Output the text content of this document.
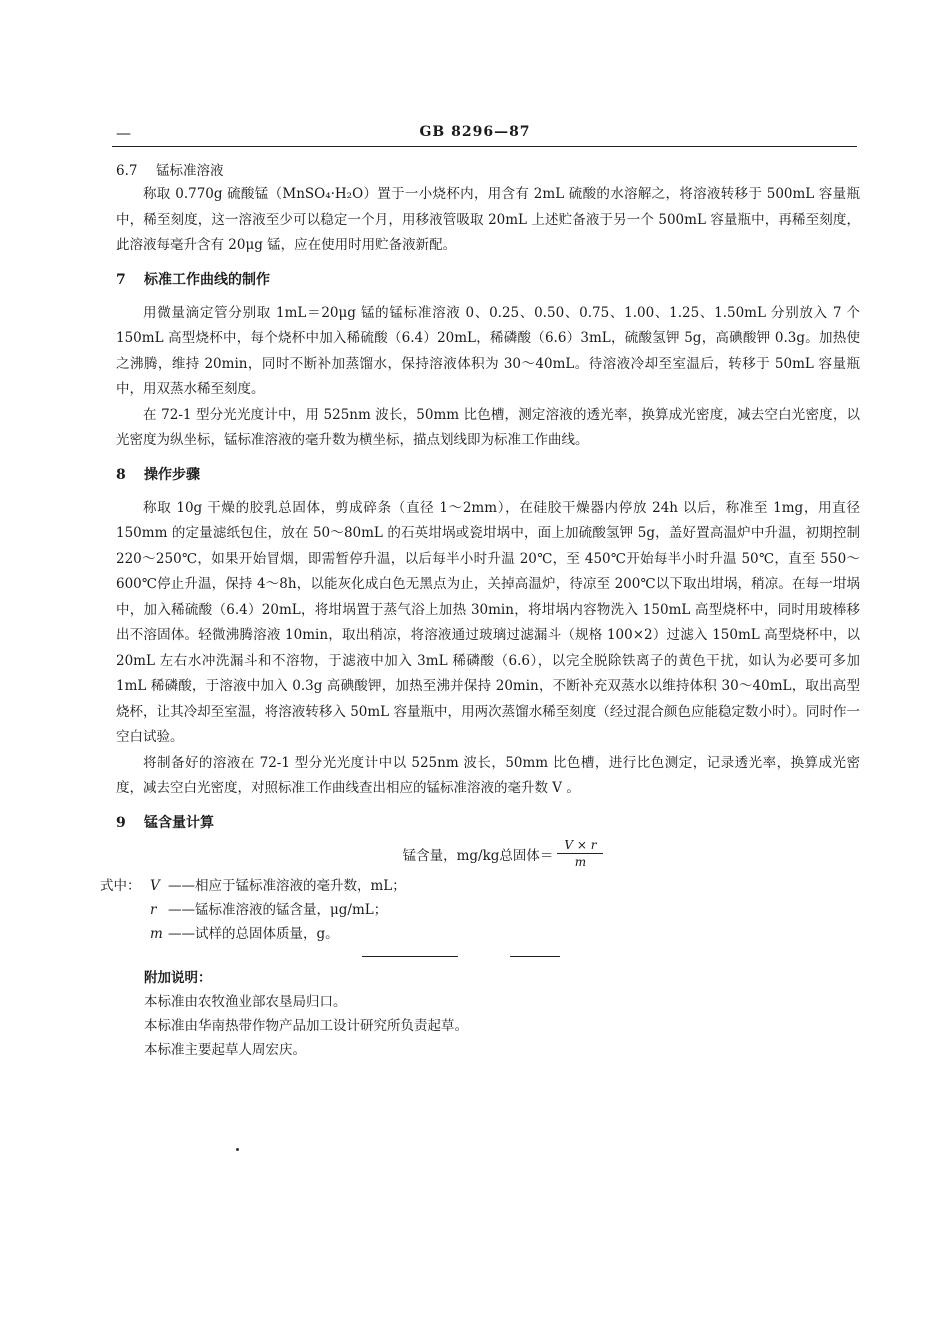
—	GB 8296—87
6.7 锰标准溶液

称取 0.770g 硫酸锰（MnSO₄·H₂O）置于一小烧杯内，用含有 2mL 硫酸的水溶解之，将溶液转移于 500mL 容量瓶中，稀至刻度，这一溶液至少可以稳定一个月，用移液管吸取 20mL 上述贮备液于另一个 500mL 容量瓶中，再稀至刻度，此溶液每毫升含有 20μg 锰，应在使用时用贮备液新配。

7 标准工作曲线的制作

用微量滴定管分别取 1mL＝20μg 锰的锰标准溶液 0、0.25、0.50、0.75、1.00、1.25、1.50mL 分别放入 7 个 150mL 高型烧杯中，每个烧杯中加入稀硫酸（6.4）20mL，稀磷酸（6.6）3mL，硫酸氢钾 5g，高碘酸钾 0.3g。加热使之沸腾，维持 20min，同时不断补加蒸馏水，保持溶液体积为 30～40mL。待溶液冷却至室温后，转移于 50mL 容量瓶中，用双蒸水稀至刻度。

在 72-1 型分光光度计中，用 525nm 波长，50mm 比色槽，测定溶液的透光率，换算成光密度，减去空白光密度，以光密度为纵坐标，锰标准溶液的毫升数为横坐标，描点划线即为标准工作曲线。

8 操作步骤

称取 10g 干燥的胶乳总固体，剪成碎条（直径 1～2mm），在硅胶干燥器内停放 24h 以后，称准至 1mg，用直径 150mm 的定量滤纸包住，放在 50～80mL 的石英坩埚或瓷坩埚中，面上加硫酸氢钾 5g，盖好置高温炉中升温，初期控制 220～250℃，如果开始冒烟，即需暂停升温，以后每半小时升温 20℃，至 450℃开始每半小时升温 50℃，直至 550～600℃停止升温，保持 4～8h，以能灰化成白色无黑点为止，关掉高温炉，待凉至 200℃以下取出坩埚，稍凉。在每一坩埚中，加入稀硫酸（6.4）20mL，将坩埚置于蒸气浴上加热 30min，将坩埚内容物洗入 150mL 高型烧杯中，同时用玻棒移出不溶固体。轻微沸腾溶液 10min，取出稍凉，将溶液通过玻璃过滤漏斗（规格 100×2）过滤入 150mL 高型烧杯中，以 20mL 左右水冲洗漏斗和不溶物，于滤液中加入 3mL 稀磷酸（6.6），以完全脱除铁离子的黄色干扰，如认为必要可多加 1mL 稀磷酸，于溶液中加入 0.3g 高碘酸钾，加热至沸并保持 20min，不断补充双蒸水以维持体积 30～40mL，取出高型烧杯，让其冷却至室温，将溶液转移入 50mL 容量瓶中，用两次蒸馏水稀至刻度（经过混合颜色应能稳定数小时）。同时作一空白试验。

将制备好的溶液在 72-1 型分光光度计中以 525nm 波长，50mm 比色槽，进行比色测定，记录透光率，换算成光密度，减去空白光密度，对照标准工作曲线查出相应的锰标准溶液的毫升数 V 。

9 锰含量计算
锰含量，mg/kg总固体＝ $\frac{V \times r}{m}$
式中： V ——相应于锰标准溶液的毫升数，mL；
r ——锰标准溶液的锰含量，μg/mL；
m ——试样的总固体质量，g。
附加说明：
本标准由农牧渔业部农垦局归口。
本标准由华南热带作物产品加工设计研究所负责起草。
本标准主要起草人周宏庆。
